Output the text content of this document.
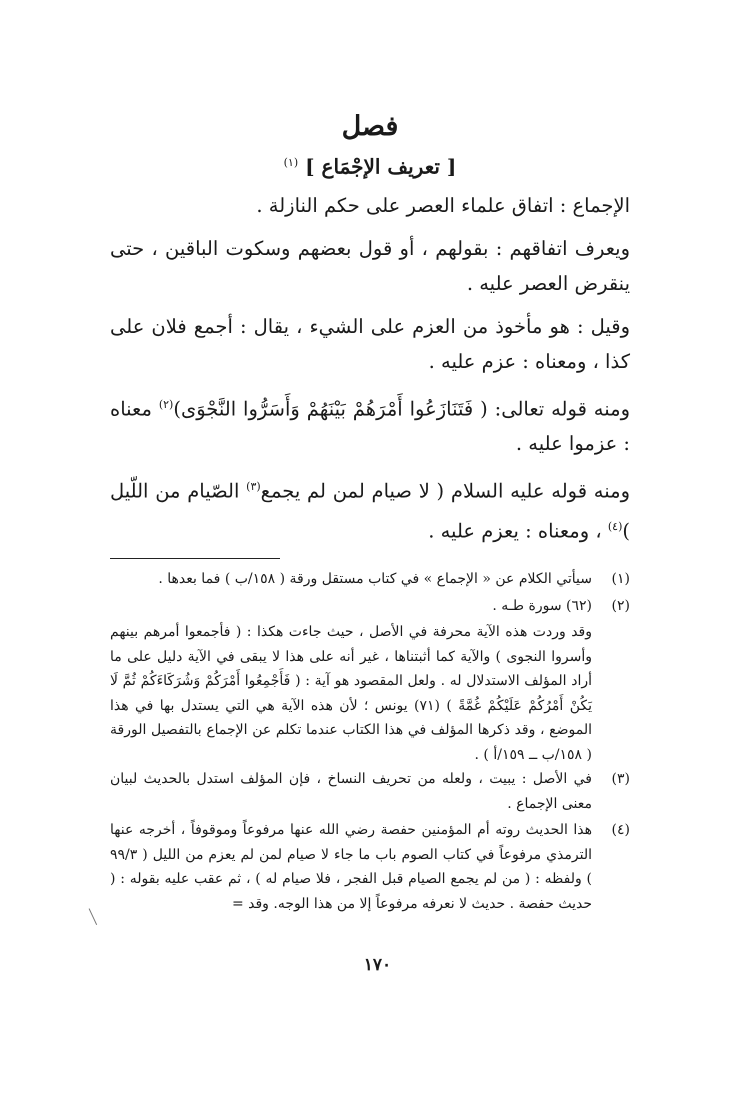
فصل
[ تعريف الإجْمَاع ] $^{(١)}$

الإجماع : اتفاق علماء العصر على حكم النازلة .

ويعرف اتفاقهم : بقولهم ، أو قول بعضهم وسكوت الباقين ، حتى ينقرض العصر عليه .

وقيل : هو مأخوذ من العزم على الشيء ، يقال : أجمع فلان على كذا ، ومعناه : عزم عليه .

ومنه قوله تعالى: ( فَتَنَازَعُوا أَمْرَهُمْ بَيْنَهُمْ وَأَسَرُّوا النَّجْوَى)$^{(٢)}$ معناه : عزموا عليه .

ومنه قوله عليه السلام ( لا صيام لمن لم يجمع$^{(٣)}$ الصّيام من اللّيل )$^{(٤)}$ ، ومعناه : يعزم عليه .

(١)
سيأتي الكلام عن « الإجماع » في كتاب مستقل ورقة ( ١٥٨/ب ) فما بعدها .
(٢)
(٦٢) سورة طـه .
وقد وردت هذه الآية محرفة في الأصل ، حيث جاءت هكذا : ( فأجمعوا أمرهم بينهم وأسروا النجوى ) والآية كما أثبتناها ، غير أنه على هذا لا يبقى في الآية دليل على ما أراد المؤلف الاستدلال له . ولعل المقصود هو آية : ( فَأَجْمِعُوا أَمْرَكُمْ وَشُرَكَاءَكُمْ ثُمَّ لَا يَكُنْ أَمْرُكُمْ عَلَيْكُمْ غُمَّةً ) (٧١) يونس ؛ لأن هذه الآية هي التي يستدل بها في هذا الموضع ، وقد ذكرها المؤلف في هذا الكتاب عندما تكلم عن الإجماع بالتفصيل الورقة ( ١٥٨/ب ــ ١٥٩/أ ) .
(٣)
في الأصل : يبيت ، ولعله من تحريف النساخ ، فإن المؤلف استدل بالحديث لبيان معنى الإجماع .
(٤)
هذا الحديث روته أم المؤمنين حفصة رضي الله عنها مرفوعاً وموقوفاً ، أخرجه عنها الترمذي مرفوعاً في كتاب الصوم باب ما جاء لا صيام لمن لم يعزم من الليل ( ٩٩/٣ ) ولفظه : ( من لم يجمع الصيام قبل الفجر ، فلا صيام له ) ، ثم عقب عليه بقوله : ( حديث حفصة . حديث لا نعرفه مرفوعاً إلا من هذا الوجه. وقد =
١٧٠
